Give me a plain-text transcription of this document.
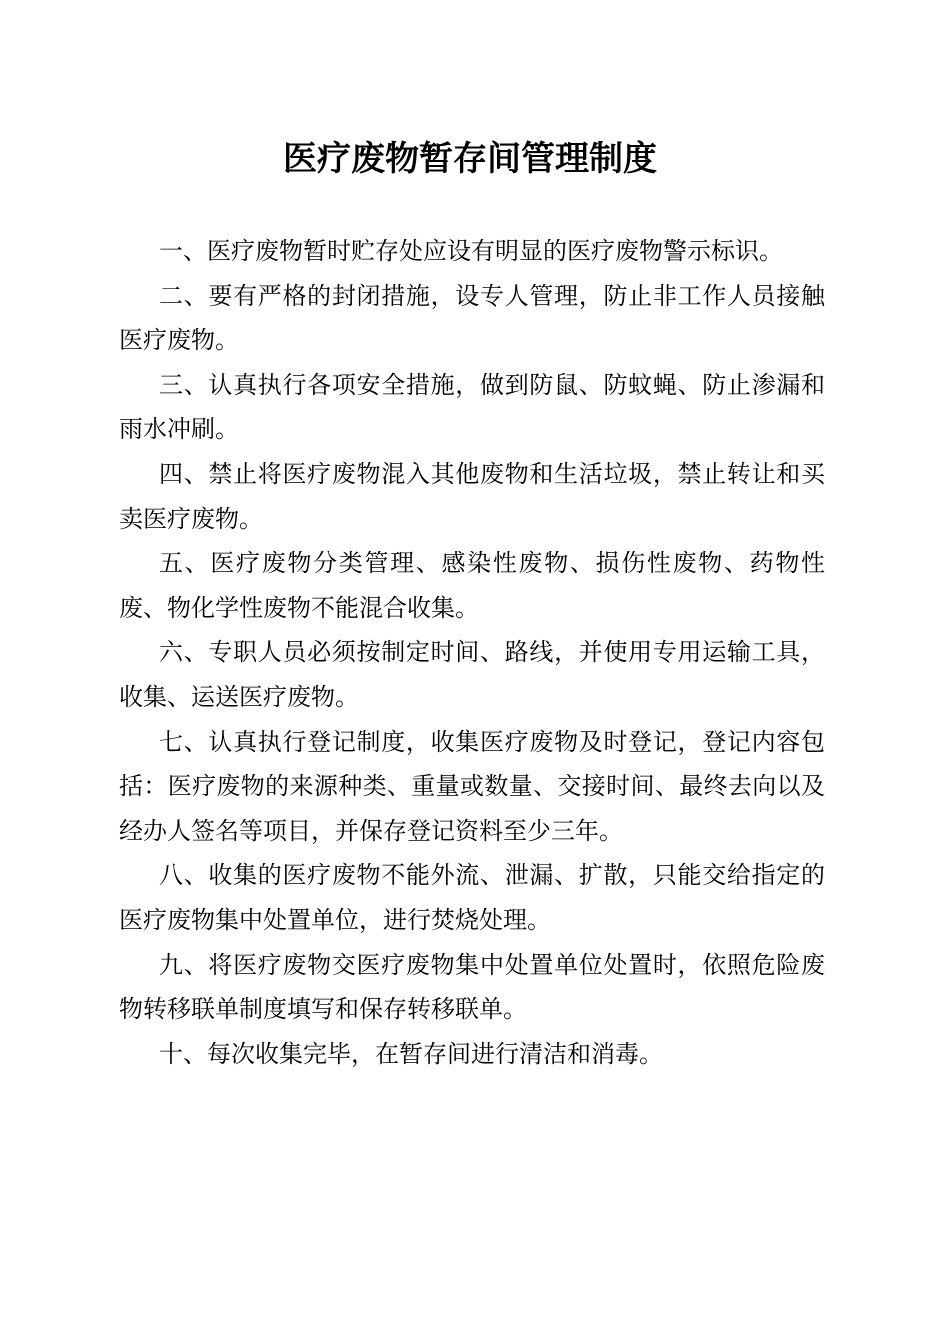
医疗废物暂存间管理制度

一、医疗废物暂时贮存处应设有明显的医疗废物警示标识。

二、要有严格的封闭措施，设专人管理，防止非工作人员接触医疗废物。

三、认真执行各项安全措施，做到防鼠、防蚊蝇、防止渗漏和雨水冲刷。

四、禁止将医疗废物混入其他废物和生活垃圾，禁止转让和买卖医疗废物。

五、医疗废物分类管理、感染性废物、损伤性废物、药物性废、物化学性废物不能混合收集。

六、专职人员必须按制定时间、路线，并使用专用运输工具，收集、运送医疗废物。

七、认真执行登记制度，收集医疗废物及时登记，登记内容包括：医疗废物的来源种类、重量或数量、交接时间、最终去向以及经办人签名等项目，并保存登记资料至少三年。

八、收集的医疗废物不能外流、泄漏、扩散，只能交给指定的医疗废物集中处置单位，进行焚烧处理。

九、将医疗废物交医疗废物集中处置单位处置时，依照危险废物转移联单制度填写和保存转移联单。

十、每次收集完毕，在暂存间进行清洁和消毒。
